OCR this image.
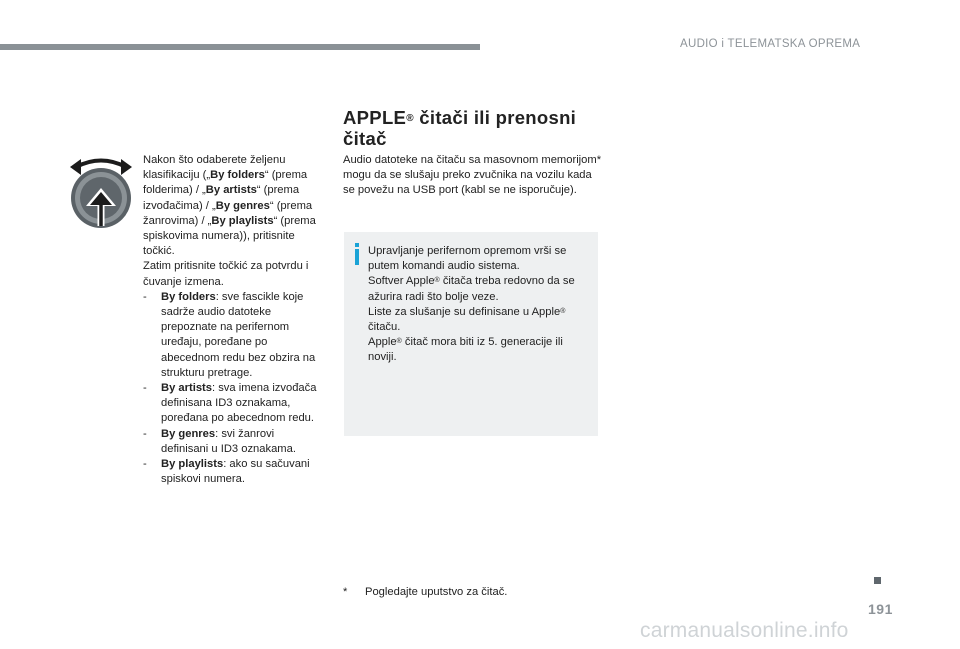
AUDIO i TELEMATSKA OPREMA

Nakon što odaberete željenu klasifikaciju („By folders“ (prema folderima) / „By artists“ (prema izvođačima) / „By genres“ (prema žanrovima) / „By playlists“ (prema spiskovima numera)), pritisnite točkić.

Zatim pritisnite točkić za potvrdu i čuvanje izmena.

-	By folders: sve fascikle koje sadrže audio datoteke prepoznate na perifernom uređaju, poređane po abecednom redu bez obzira na strukturu pretrage.
-	By artists: sva imena izvođača definisana ID3 oznakama, poređana po abecednom redu.
-	By genres: svi žanrovi definisani u ID3 oznakama.
-	By playlists: ako su sačuvani spiskovi numera.
APPLE® čitači ili prenosni čitač
Audio datoteke na čitaču sa masovnom memorijom* mogu da se slušaju preko zvučnika na vozilu kada se povežu na USB port (kabl se ne isporučuje).

Upravljanje perifernom opremom vrši se putem komandi audio sistema.

Softver Apple® čitača treba redovno da se ažurira radi što bolje veze.

Liste za slušanje su definisane u Apple® čitaču.

Apple® čitač mora biti iz 5. generacije ili noviji.

*	Pogledajte uputstvo za čitač.
191
carmanualsonline.info
